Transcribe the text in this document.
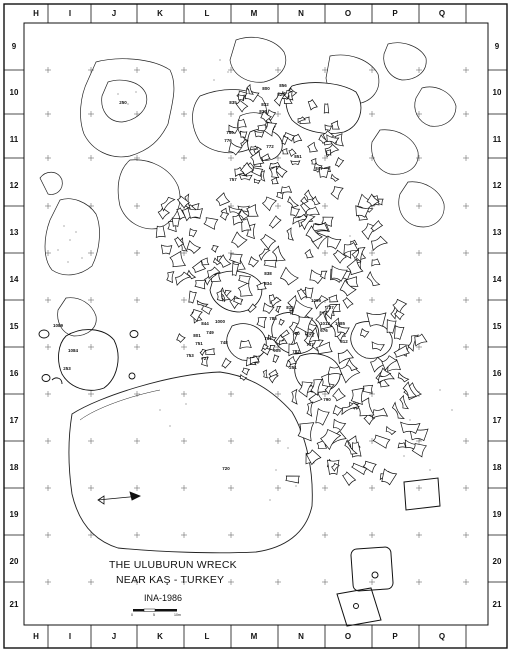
H	I	J	K	L	M	N	O	P	Q
H	I	J	K	L	M	N	O	P	Q
9
10
11
12
13
14
15
16
17
18
19
20
21
9
10
11
12
13
14
15
16
17
18
19
20
21
250
800
856
829
835	832
823
756
776
772
851
847
757
838
834
1095
815	737
1089
1084
253
844 1000	1013 1085
751
753
727
801
749
748
785
780
761
905	782
747
676
673
812
251
790
720
THE ULUBURUN WRECK
NEAR KAŞ - TURKEY
INA-1986
0	5	10m
